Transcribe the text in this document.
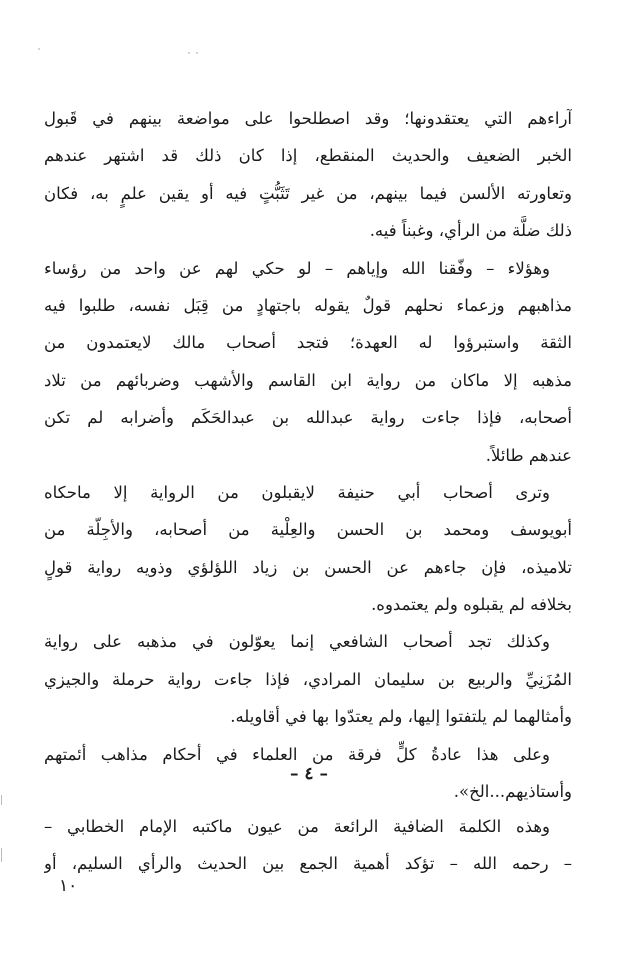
آراءهم التي يعتقدونها؛ وقد اصطلحوا على مواضعة بينهم في قَبول
الخبر الضعيف والحديث المنقطع، إذا كان ذلك قد اشتهر عندهم
وتعاورته الألسن فيما بينهم، من غير تَثَبُّتٍ فيه أو يقين علمٍ به، فكان
ذلك ضلَّة من الرأي، وغبناً فيه.
وهؤلاء – وفّقنا الله وإياهم – لو حكي لهم عن واحد من رؤساء
مذاهبهم وزعماء نحلهم قولٌ يقوله باجتهادٍ من قِبَل نفسه، طلبوا فيه
الثقة واستبرؤوا له العهدة؛ فتجد أصحاب مالك لايعتمدون من
مذهبه إلا ماكان من رواية ابن القاسم والأشهب وضربائهم من تلاد
أصحابه، فإذا جاءت رواية عبدالله بن عبدالحَكَم وأضرابه لم تكن
عندهم طائلاً.
وترى أصحاب أبي حنيفة لايقبلون من الرواية إلا ماحكاه
أبويوسف ومحمد بن الحسن والعِلْية من أصحابه، والأجِلّة من
تلاميذه، فإن جاءهم عن الحسن بن زياد اللؤلؤي وذويه رواية قولٍ
بخلافه لم يقبلوه ولم يعتمدوه.
وكذلك تجد أصحاب الشافعي إنما يعوّلون في مذهبه على رواية
المُزَنِيِّ والربيع بن سليمان المرادي، فإذا جاءت رواية حرملة والجيزي
وأمثالهما لم يلتفتوا إليها، ولم يعتدّوا بها في أقاويله.
وعلى هذا عادةُ كلٍّ فرقة من العلماء في أحكام مذاهب أئمتهم
وأستاذيهم...الخ».
– ٤ –
وهذه الكلمة الضافية الرائعة من عيون ماكتبه الإمام الخطابي –
– رحمه الله – تؤكد أهمية الجمع بين الحديث والرأي السليم، أو
١٠
